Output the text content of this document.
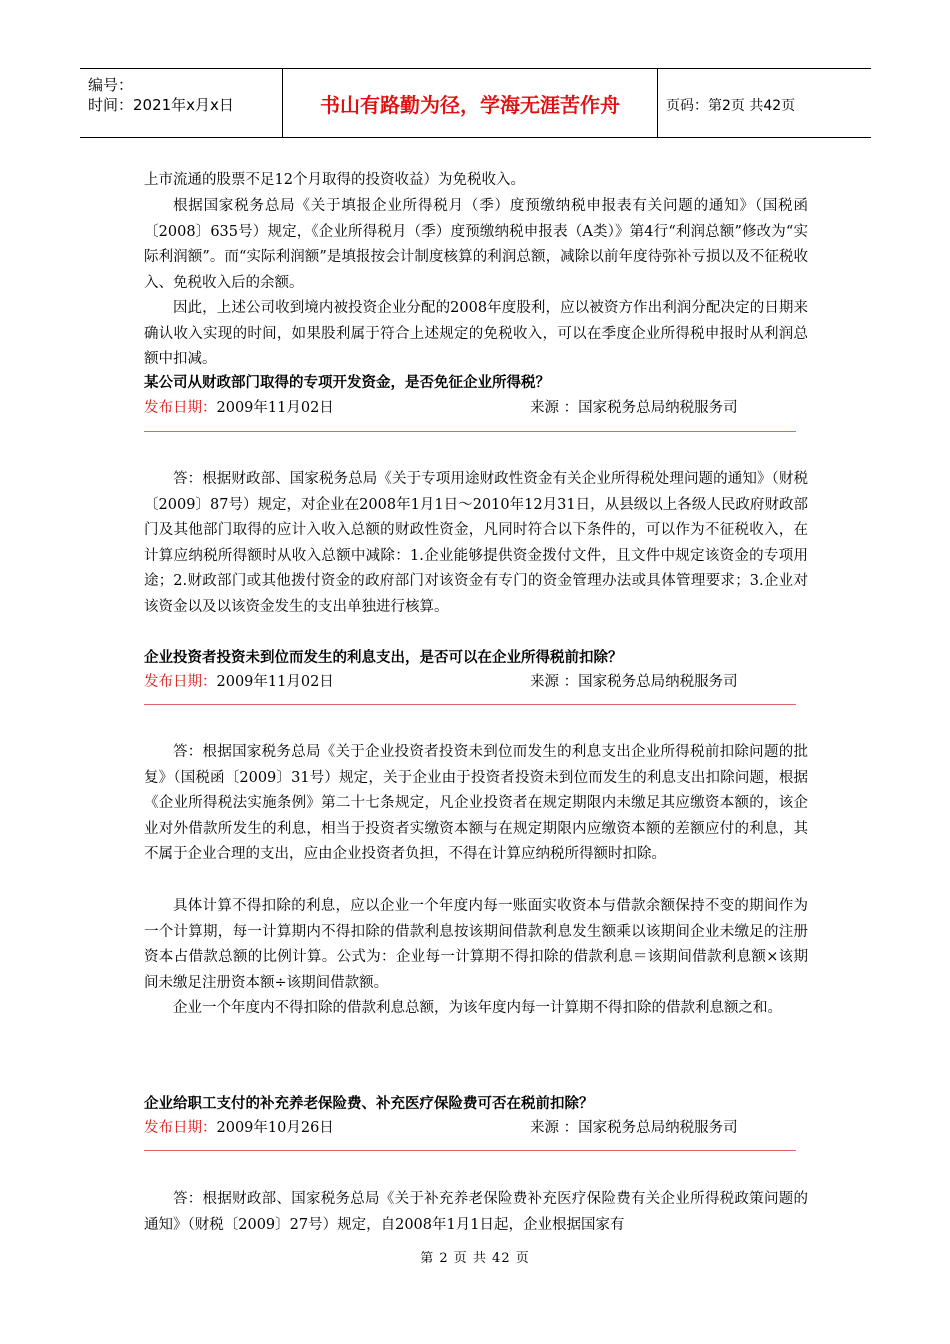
编号：
时间：2021年x月x日	书山有路勤为径，学海无涯苦作舟	页码：第2页 共42页

上市流通的股票不足12个月取得的投资收益）为免税收入。

根据国家税务总局《关于填报企业所得税月（季）度预缴纳税申报表有关问题的通知》（国税函〔2008〕635号）规定，《企业所得税月（季）度预缴纳税申报表（A类）》第4行“利润总额”修改为“实际利润额”。而“实际利润额”是填报按会计制度核算的利润总额，减除以前年度待弥补亏损以及不征税收入、免税收入后的余额。

因此，上述公司收到境内被投资企业分配的2008年度股利，应以被资方作出利润分配决定的日期来确认收入实现的时间，如果股利属于符合上述规定的免税收入，可以在季度企业所得税申报时从利润总额中扣减。

某公司从财政部门取得的专项开发资金，是否免征企业所得税？
发布日期：2009年11月02日	来源 ：国家税务总局纳税服务司

答：根据财政部、国家税务总局《关于专项用途财政性资金有关企业所得税处理问题的通知》（财税〔2009〕87号）规定，对企业在2008年1月1日～2010年12月31日，从县级以上各级人民政府财政部门及其他部门取得的应计入收入总额的财政性资金，凡同时符合以下条件的，可以作为不征税收入，在计算应纳税所得额时从收入总额中减除：1.企业能够提供资金拨付文件，且文件中规定该资金的专项用途；2.财政部门或其他拨付资金的政府部门对该资金有专门的资金管理办法或具体管理要求；3.企业对该资金以及以该资金发生的支出单独进行核算。

企业投资者投资未到位而发生的利息支出，是否可以在企业所得税前扣除？
发布日期：2009年11月02日	来源 ：国家税务总局纳税服务司

答：根据国家税务总局《关于企业投资者投资未到位而发生的利息支出企业所得税前扣除问题的批复》（国税函〔2009〕31号）规定，关于企业由于投资者投资未到位而发生的利息支出扣除问题，根据《企业所得税法实施条例》第二十七条规定，凡企业投资者在规定期限内未缴足其应缴资本额的，该企业对外借款所发生的利息，相当于投资者实缴资本额与在规定期限内应缴资本额的差额应付的利息，其不属于企业合理的支出，应由企业投资者负担，不得在计算应纳税所得额时扣除。

具体计算不得扣除的利息，应以企业一个年度内每一账面实收资本与借款余额保持不变的期间作为一个计算期，每一计算期内不得扣除的借款利息按该期间借款利息发生额乘以该期间企业未缴足的注册资本占借款总额的比例计算。公式为：企业每一计算期不得扣除的借款利息＝该期间借款利息额×该期间未缴足注册资本额÷该期间借款额。

企业一个年度内不得扣除的借款利息总额，为该年度内每一计算期不得扣除的借款利息额之和。

企业给职工支付的补充养老保险费、补充医疗保险费可否在税前扣除？
发布日期：2009年10月26日	来源 ：国家税务总局纳税服务司

答：根据财政部、国家税务总局《关于补充养老保险费补充医疗保险费有关企业所得税政策问题的通知》（财税〔2009〕27号）规定，自2008年1月1日起，企业根据国家有

第 2 页 共 42 页
